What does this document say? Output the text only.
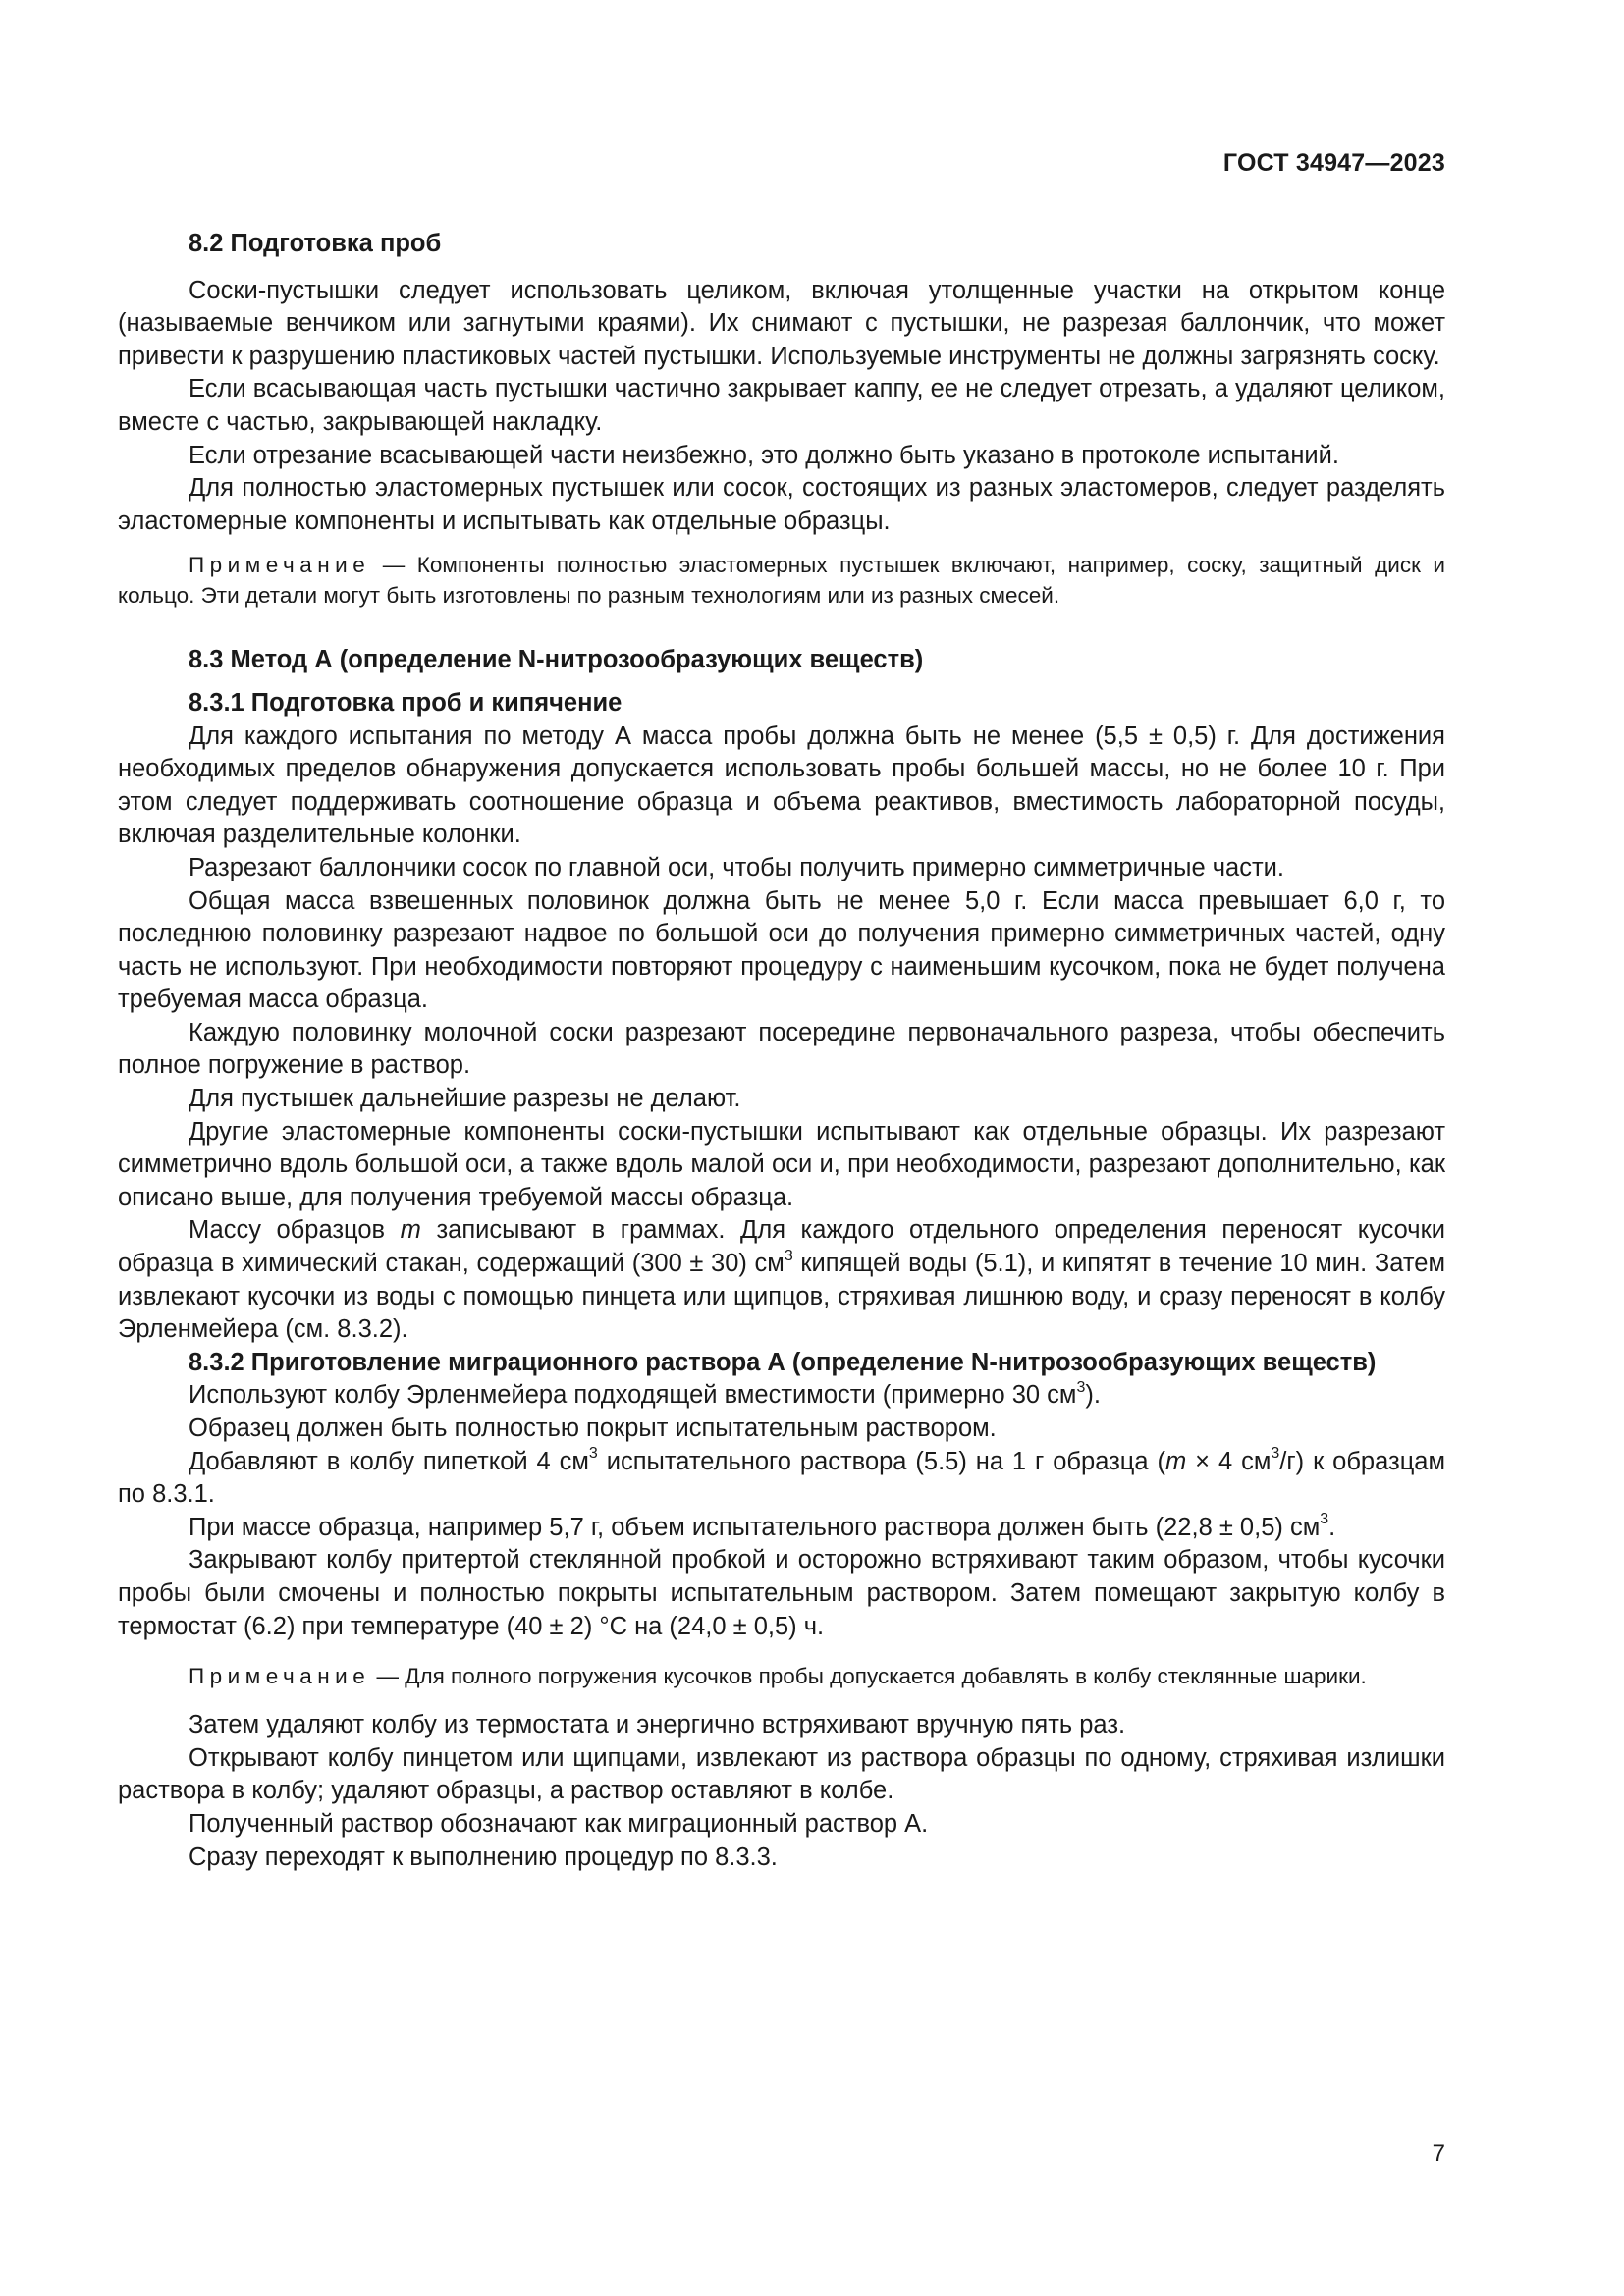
ГОСТ 34947—2023

8.2 Подготовка проб

Соски-пустышки следует использовать целиком, включая утолщенные участки на открытом конце (называемые венчиком или загнутыми краями). Их снимают с пустышки, не разрезая баллончик, что может привести к разрушению пластиковых частей пустышки. Используемые инструменты не должны загрязнять соску.

Если всасывающая часть пустышки частично закрывает каппу, ее не следует отрезать, а удаляют целиком, вместе с частью, закрывающей накладку.

Если отрезание всасывающей части неизбежно, это должно быть указано в протоколе испытаний.

Для полностью эластомерных пустышек или сосок, состоящих из разных эластомеров, следует разделять эластомерные компоненты и испытывать как отдельные образцы.

Примечание — Компоненты полностью эластомерных пустышек включают, например, соску, защитный диск и кольцо. Эти детали могут быть изготовлены по разным технологиям или из разных смесей.

8.3 Метод А (определение N-нитрозообразующих веществ)

8.3.1 Подготовка проб и кипячение

Для каждого испытания по методу А масса пробы должна быть не менее (5,5 ± 0,5) г. Для достижения необходимых пределов обнаружения допускается использовать пробы большей массы, но не более 10 г. При этом следует поддерживать соотношение образца и объема реактивов, вместимость лабораторной посуды, включая разделительные колонки.

Разрезают баллончики сосок по главной оси, чтобы получить примерно симметричные части.

Общая масса взвешенных половинок должна быть не менее 5,0 г. Если масса превышает 6,0 г, то последнюю половинку разрезают надвое по большой оси до получения примерно симметричных частей, одну часть не используют. При необходимости повторяют процедуру с наименьшим кусочком, пока не будет получена требуемая масса образца.

Каждую половинку молочной соски разрезают посередине первоначального разреза, чтобы обеспечить полное погружение в раствор.

Для пустышек дальнейшие разрезы не делают.

Другие эластомерные компоненты соски-пустышки испытывают как отдельные образцы. Их разрезают симметрично вдоль большой оси, а также вдоль малой оси и, при необходимости, разрезают дополнительно, как описано выше, для получения требуемой массы образца.

Массу образцов m записывают в граммах. Для каждого отдельного определения переносят кусочки образца в химический стакан, содержащий (300 ± 30) $см^3$ кипящей воды (5.1), и кипятят в течение 10 мин. Затем извлекают кусочки из воды с помощью пинцета или щипцов, стряхивая лишнюю воду, и сразу переносят в колбу Эрленмейера (см. 8.3.2).

8.3.2 Приготовление миграционного раствора А (определение N-нитрозообразующих веществ)

Используют колбу Эрленмейера подходящей вместимости (примерно 30 $см^3$).

Образец должен быть полностью покрыт испытательным раствором.

Добавляют в колбу пипеткой 4 $см^3$ испытательного раствора (5.5) на 1 г образца (m × 4 $см^3/г$) к образцам по 8.3.1.

При массе образца, например 5,7 г, объем испытательного раствора должен быть (22,8 ± 0,5) $см^3$.

Закрывают колбу притертой стеклянной пробкой и осторожно встряхивают таким образом, чтобы кусочки пробы были смочены и полностью покрыты испытательным раствором. Затем помещают закрытую колбу в термостат (6.2) при температуре (40 ± 2) °С на (24,0 ± 0,5) ч.

Примечание — Для полного погружения кусочков пробы допускается добавлять в колбу стеклянные шарики.

Затем удаляют колбу из термостата и энергично встряхивают вручную пять раз.

Открывают колбу пинцетом или щипцами, извлекают из раствора образцы по одному, стряхивая излишки раствора в колбу; удаляют образцы, а раствор оставляют в колбе.

Полученный раствор обозначают как миграционный раствор А.

Сразу переходят к выполнению процедур по 8.3.3.

7
